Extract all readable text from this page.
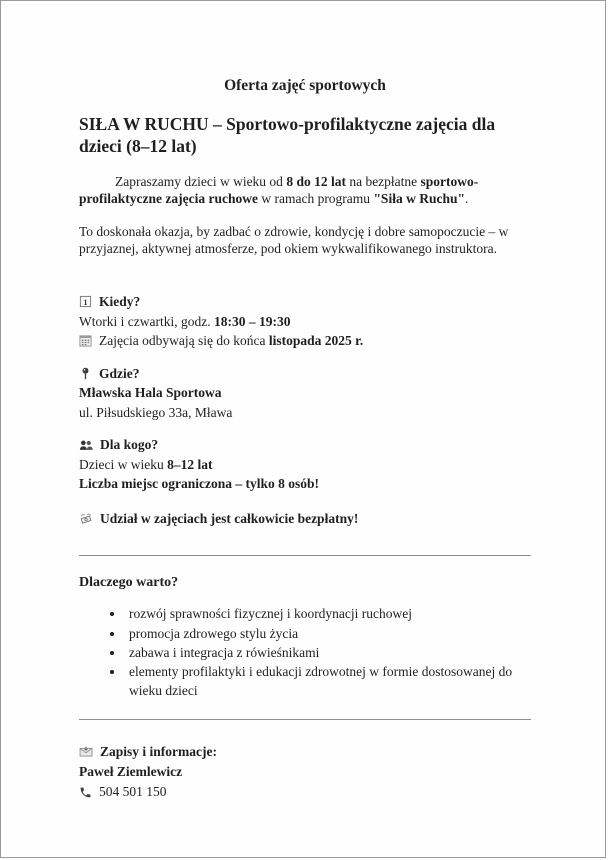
Oferta zajęć sportowych
SIŁA W RUCHU – Sportowo-profilaktyczne zajęcia dla dzieci (8–12 lat)

Zapraszamy dzieci w wieku od 8 do 12 lat na bezpłatne sportowo-profilaktyczne zajęcia ruchowe w ramach programu "Siła w Ruchu".

To doskonała okazja, by zadbać o zdrowie, kondycję i dobre samopoczucie – w przyjaznej, aktywnej atmosferze, pod okiem wykwalifikowanego instruktora.

1 Kiedy?
Wtorki i czwartki, godz. 18:30 – 19:30
Zajęcia odbywają się do końca listopada 2025 r.
Gdzie?
Mławska Hala Sportowa
ul. Piłsudskiego 33a, Mława
Dla kogo?
Dzieci w wieku 8–12 lat
Liczba miejsc ograniczona – tylko 8 osób!
Udział w zajęciach jest całkowicie bezpłatny!
Dlaczego warto?
• rozwój sprawności fizycznej i koordynacji ruchowej
• promocja zdrowego stylu życia
• zabawa i integracja z rówieśnikami
• elementy profilaktyki i edukacji zdrowotnej w formie dostosowanej do wieku dzieci
Zapisy i informacje:
Paweł Ziemlewicz
504 501 150
